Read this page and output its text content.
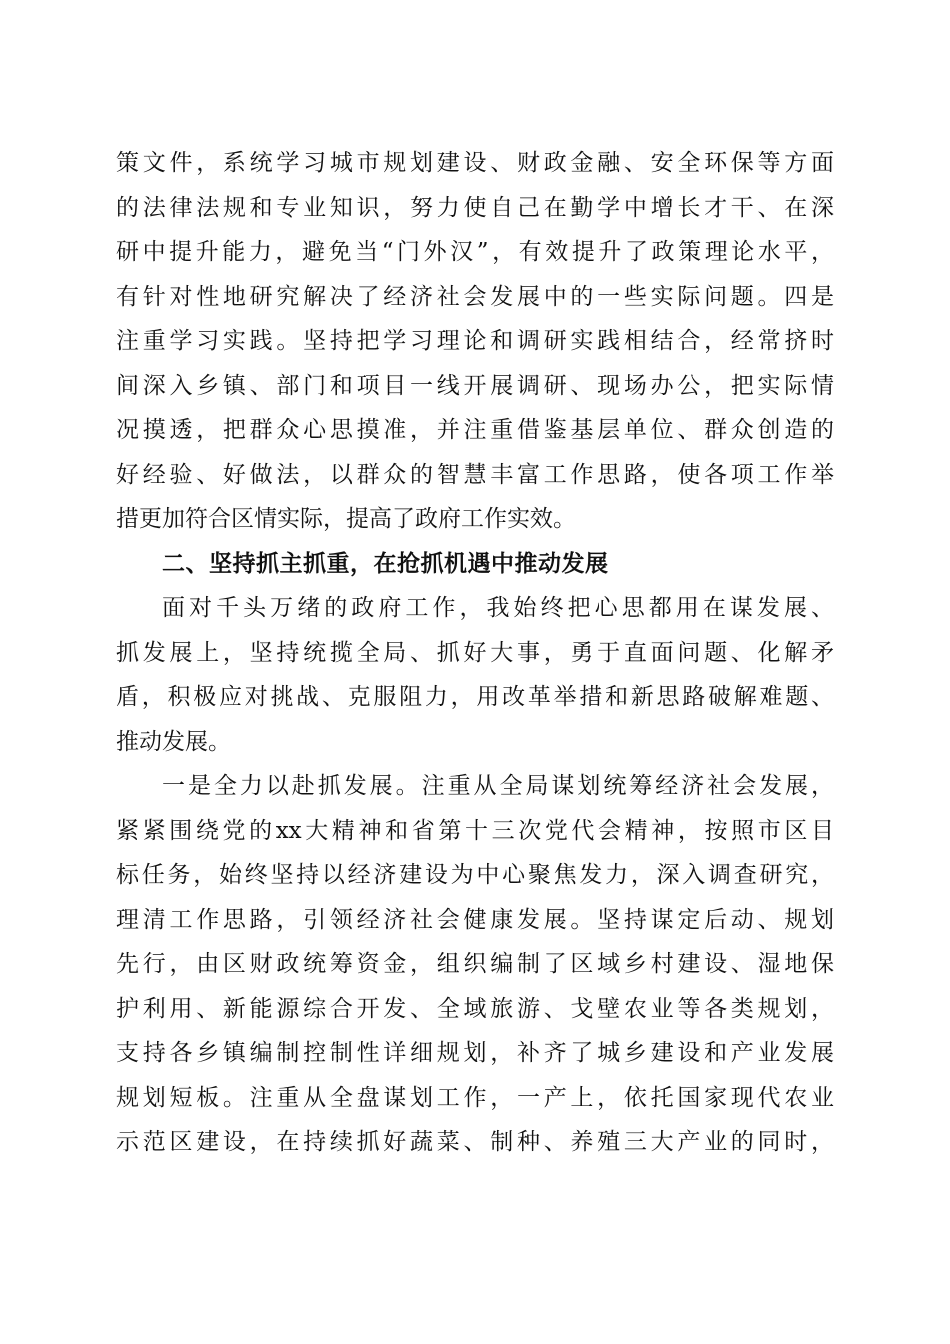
策文件，系统学习城市规划建设、财政金融、安全环保等方面
的法律法规和专业知识，努力使自己在勤学中增长才干、在深
研中提升能力，避免当“门外汉”，有效提升了政策理论水平，
有针对性地研究解决了经济社会发展中的一些实际问题。四是
注重学习实践。坚持把学习理论和调研实践相结合，经常挤时
间深入乡镇、部门和项目一线开展调研、现场办公，把实际情
况摸透，把群众心思摸准，并注重借鉴基层单位、群众创造的
好经验、好做法，以群众的智慧丰富工作思路，使各项工作举
措更加符合区情实际，提高了政府工作实效。
二、坚持抓主抓重，在抢抓机遇中推动发展
面对千头万绪的政府工作，我始终把心思都用在谋发展、
抓发展上，坚持统揽全局、抓好大事，勇于直面问题、化解矛
盾，积极应对挑战、克服阻力，用改革举措和新思路破解难题、
推动发展。
一是全力以赴抓发展。注重从全局谋划统筹经济社会发展，
紧紧围绕党的xx大精神和省第十三次党代会精神，按照市区目
标任务，始终坚持以经济建设为中心聚焦发力，深入调查研究，
理清工作思路，引领经济社会健康发展。坚持谋定后动、规划
先行，由区财政统筹资金，组织编制了区域乡村建设、湿地保
护利用、新能源综合开发、全域旅游、戈壁农业等各类规划，
支持各乡镇编制控制性详细规划，补齐了城乡建设和产业发展
规划短板。注重从全盘谋划工作，一产上，依托国家现代农业
示范区建设，在持续抓好蔬菜、制种、养殖三大产业的同时，
